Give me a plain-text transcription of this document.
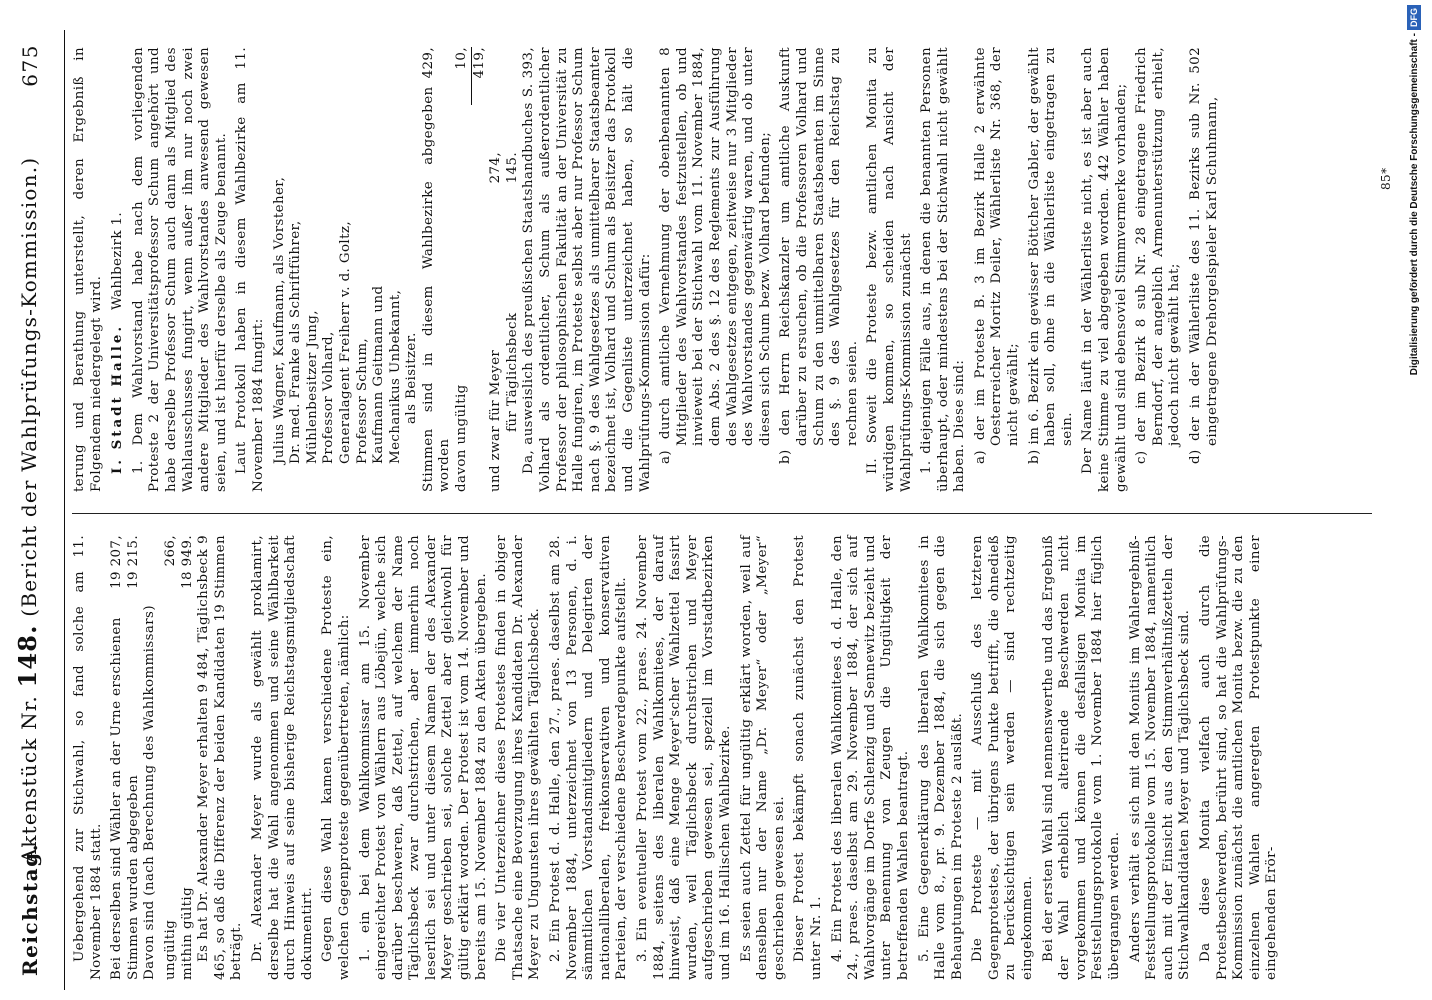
Reichstag.
Aktenstück Nr. 148. (Bericht der Wahlprüfungs-Kommission.)
675

Uebergehend zur Stichwahl, so fand solche am 11. November 1884 statt. Bei derselben sind Wähler an der Urne erschienen
19 207,
Stimmen wurden abgegeben
19 215.

Davon sind (nach Berechnung des Wahlkommissars) ungültig
266,
mithin gültig
18 949. Es hat Dr. Alexander Meyer erhalten 9 484, Täglichsbeck 9 465, so daß die Differenz der beiden Kandidaten 19 Stimmen beträgt. Dr. Alexander Meyer wurde als gewählt proklamirt, derselbe hat die Wahl angenommen und seine Wählbarkeit durch Hinweis auf seine bisherige Reichstagsmitgliedschaft dokumentirt. Gegen diese Wahl kamen verschiedene Proteste ein, welchen Gegenproteste gegenübertreten, nämlich: 1. ein bei dem Wahlkommissar am 15. November eingereichter Protest von Wählern aus Löbejün, welche sich darüber beschweren, daß Zettel, auf welchem der Name Täglichsbeck zwar durchstrichen, aber immerhin noch leserlich sei und unter diesem Namen der des Alexander Meyer geschrieben sei, solche Zettel aber gleichwohl für gültig erklärt worden. Der Protest ist vom 14. November und bereits am 15. November 1884 zu den Akten übergeben. Die vier Unterzeichner dieses Protestes finden in obiger Thatsache eine Bevorzugung ihres Kandidaten Dr. Alexander Meyer zu Ungunsten ihres gewählten Täglichsbeck. 2. Ein Protest d. d. Halle, den 27., praes. daselbst am 28. November 1884, unterzeichnet von 13 Personen, d. i. sämmtlichen Vorstandsmitgliedern und Delegirten der nationalliberalen, freikonservativen und konservativen Parteien, der verschiedene Beschwerdepunkte aufstellt. 3. Ein eventueller Protest vom 22., praes. 24. November 1884, seitens des liberalen Wahlkomitees, der darauf hinweist, daß eine Menge Meyer'scher Wahlzettel fassirt wurden, weil Täglichsbeck durchstrichen und Meyer aufgeschrieben gewesen sei, speziell im Vorstadtbezirken und im 16. Hallischen Wahlbezirke. Es seien auch Zettel für ungültig erklärt worden, weil auf denselben nur der Name „Dr. Meyer“ oder „Meyer“ geschrieben gewesen sei. Dieser Protest bekämpft sonach zunächst den Protest unter Nr. 1. 4. Ein Protest des liberalen Wahlkomitees d. d. Halle, den 24., praes. daselbst am 29. November 1884, der sich auf Wahlvorgänge im Dorfe Schlenzig und Sennewitz bezieht und unter Benennung von Zeugen die Ungültigkeit der betreffenden Wahlen beantragt. 5. Eine Gegenerklärung des liberalen Wahlkomitees in Halle vom 8., pr. 9. Dezember 1884, die sich gegen die Behauptungen im Proteste 2 ausläßt. Die Proteste — mit Ausschluß des letzteren Gegenprotestes, der übrigens Punkte betrifft, die ohnedieß zu berücksichtigen sein werden — sind rechtzeitig eingekommen. Bei der ersten Wahl sind nennenswerthe und das Ergebniß der Wahl erheblich alterirende Beschwerden nicht vorgekommen und können die desfallsigen Monita im Feststellungsprotokolle vom 1. November 1884 hier füglich übergangen werden. Anders verhält es sich mit den Monitis im Wahlergebniß-Feststellungsprotokolle vom 15. November 1884, namentlich auch mit der Einsicht aus den Stimmverhältnißzetteln der Stichwahlkandidaten Meyer und Täglichsbeck sind. Da diese Monita vielfach auch durch die Protestbeschwerden, berührt sind, so hat die Wahlprüfungs-Kommission zunächst die amtlichen Monita bezw. die zu den einzelnen Wahlen angeregten Protestpunkte einer eingehenden Erör-

terung und Berathung unterstellt, deren Ergebniß in Folgendem niedergelegt wird. I. Stadt Halle.   Wahlbezirk 1. 1. Dem Wahlvorstand habe nach dem vorliegenden Proteste 2 der Universitätsprofessor Schum angehört und habe derselbe Professor Schum auch dann als Mitglied des Wahlausschusses fungirt, wenn außer ihm nur noch zwei andere Mitglieder des Wahlvorstandes anwesend gewesen seien, und ist hierfür derselbe als Zeuge benannt. Laut Protokoll haben in diesem Wahlbezirke am 11. November 1884 fungirt: Julius Wagner, Kaufmann, als Vorsteher, Dr. med. Franke als Schriftführer, Mühlenbesitzer Jung, Professor Volhard, Generalagent Freiherr v. d. Goltz, Professor Schum, Kaufmann Geitmann und Mechanikus Unbekannt, als Beisitzer. Stimmen sind in diesem Wahlbezirke abgegeben worden
429,
davon ungültig
10, 419,
und zwar für Meyer
274,
für Täglichsbeck
145. Da, ausweislich des preußischen Staatshandbuches S. 393, Volhard als ordentlicher, Schum als außerordentlicher Professor der philosophischen Fakultät an der Universität zu Halle fungiren, im Proteste selbst aber nur Professor Schum nach §. 9 des Wahlgesetzes als unmittelbarer Staatsbeamter bezeichnet ist, Volhard und Schum als Beisitzer das Protokoll und die Gegenliste unterzeichnet haben, so hält die Wahlprüfungs-Kommission dafür: a) durch amtliche Vernehmung der obenbenannten 8 Mitglieder des Wahlvorstandes festzustellen, ob und inwieweit bei der Stichwahl vom 11. November 1884, dem Abs. 2 des §. 12 des Reglements zur Ausführung des Wahlgesetzes entgegen, zeitweise nur 3 Mitglieder des Wahlvorstandes gegenwärtig waren, und ob unter diesen sich Schum bezw. Volhard befunden; b) den Herrn Reichskanzler um amtliche Auskunft darüber zu ersuchen, ob die Professoren Volhard und Schum zu den unmittelbaren Staatsbeamten im Sinne des §. 9 des Wahlgesetzes für den Reichstag zu rechnen seien. II. Soweit die Proteste bezw. amtlichen Monita zu würdigen kommen, so scheiden nach Ansicht der Wahlprüfungs-Kommission zunächst 1. diejenigen Fälle aus, in denen die benannten Personen überhaupt, oder mindestens bei der Stichwahl nicht gewählt haben. Diese sind: a) der im Proteste B. 3 im Bezirk Halle 2 erwähnte Oesterreicher Moritz Deiler, Wählerliste Nr. 368, der nicht gewählt; b) im 6. Bezirk ein gewisser Böttcher Gabler, der gewählt haben soll, ohne in die Wählerliste eingetragen zu sein. Der Name läuft in der Wählerliste nicht, es ist aber auch keine Stimme zu viel abgegeben worden. 442 Wähler haben gewählt und sind ebensoviel Stimmvermerke vorhanden; c) der im Bezirk 8 sub Nr. 28 eingetragene Friedrich Berndorf, der angeblich Armenunterstützung erhielt, jedoch nicht gewählt hat; d) der in der Wählerliste des 11. Bezirks sub Nr. 502 eingetragene Drehorgelspieler Karl Schuhmann,	85*	Digitalisierung gefördert durch die Deutsche Forschungsgemeinschaft -DFG
